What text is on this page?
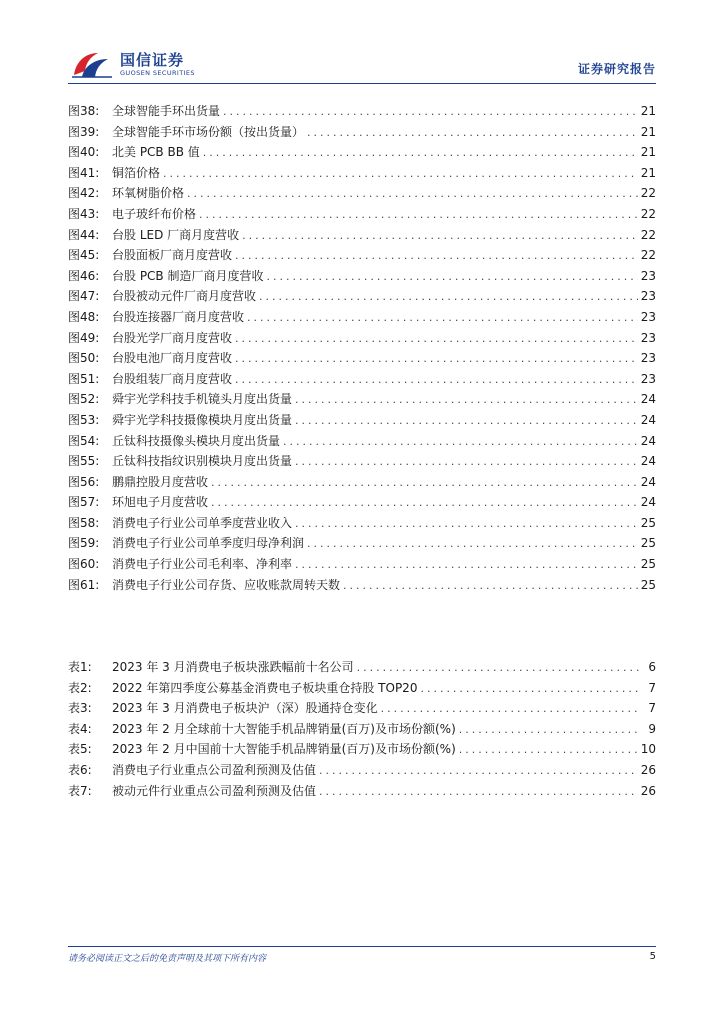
国信证券
GUOSEN SECURITIES	证券研究报告
图38:	全球智能手环出货量 .....	21
图39:	全球智能手环市场份额（按出货量） .....	21
图40:	北美 PCB BB 值 .....	21
图41:	铜箔价格 .....	21
图42:	环氧树脂价格 .....	22
图43:	电子玻纤布价格 .....	22
图44:	台股 LED 厂商月度营收 .....	22
图45:	台股面板厂商月度营收 .....	22
图46:	台股 PCB 制造厂商月度营收 .....	23
图47:	台股被动元件厂商月度营收 .....	23
图48:	台股连接器厂商月度营收 .....	23
图49:	台股光学厂商月度营收 .....	23
图50:	台股电池厂商月度营收 .....	23
图51:	台股组装厂商月度营收 .....	23
图52:	舜宇光学科技手机镜头月度出货量 .....	24
图53:	舜宇光学科技摄像模块月度出货量 .....	24
图54:	丘钛科技摄像头模块月度出货量 .....	24
图55:	丘钛科技指纹识别模块月度出货量 .....	24
图56:	鹏鼎控股月度营收 .....	24
图57:	环旭电子月度营收 .....	24
图58:	消费电子行业公司单季度营业收入 .....	25
图59:	消费电子行业公司单季度归母净利润 .....	25
图60:	消费电子行业公司毛利率、净利率 .....	25
图61:	消费电子行业公司存货、应收账款周转天数 .....	25
表1:	2023 年 3 月消费电子板块涨跌幅前十名公司 .....	6
表2:	2022 年第四季度公募基金消费电子板块重仓持股 TOP20 .....	7
表3:	2023 年 3 月消费电子板块沪（深）股通持仓变化 .....	7
表4:	2023 年 2 月全球前十大智能手机品牌销量(百万)及市场份额(%) .....	9
表5:	2023 年 2 月中国前十大智能手机品牌销量(百万)及市场份额(%) .....	10
表6:	消费电子行业重点公司盈利预测及估值 .....	26
表7:	被动元件行业重点公司盈利预测及估值 .....	26
请务必阅读正文之后的免责声明及其项下所有内容	5
